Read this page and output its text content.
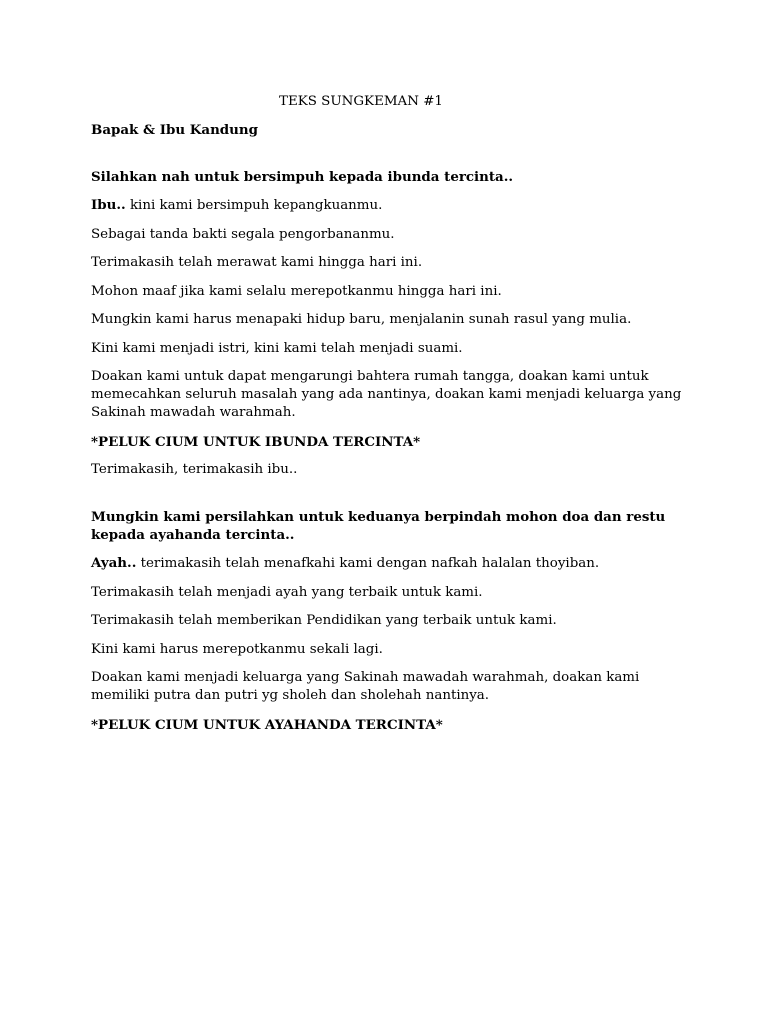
TEKS SUNGKEMAN #1

Bapak & Ibu Kandung

Silahkan nah untuk bersimpuh kepada ibunda tercinta..

Ibu.. kini kami bersimpuh kepangkuanmu.

Sebagai tanda bakti segala pengorbananmu.

Terimakasih telah merawat kami hingga hari ini.

Mohon maaf jika kami selalu merepotkanmu hingga hari ini.

Mungkin kami harus menapaki hidup baru, menjalanin sunah rasul yang mulia.

Kini kami menjadi istri, kini kami telah menjadi suami.

Doakan kami untuk dapat mengarungi bahtera rumah tangga, doakan kami untuk memecahkan seluruh masalah yang ada nantinya, doakan kami menjadi keluarga yang Sakinah mawadah warahmah.

*PELUK CIUM UNTUK IBUNDA TERCINTA*

Terimakasih, terimakasih ibu..

Mungkin kami persilahkan untuk keduanya berpindah mohon doa dan restu kepada ayahanda tercinta..

Ayah.. terimakasih telah menafkahi kami dengan nafkah halalan thoyiban.

Terimakasih telah menjadi ayah yang terbaik untuk kami.

Terimakasih telah memberikan Pendidikan yang terbaik untuk kami.

Kini kami harus merepotkanmu sekali lagi.

Doakan kami menjadi keluarga yang Sakinah mawadah warahmah, doakan kami memiliki putra dan putri yg sholeh dan sholehah nantinya.

*PELUK CIUM UNTUK AYAHANDA TERCINTA*
